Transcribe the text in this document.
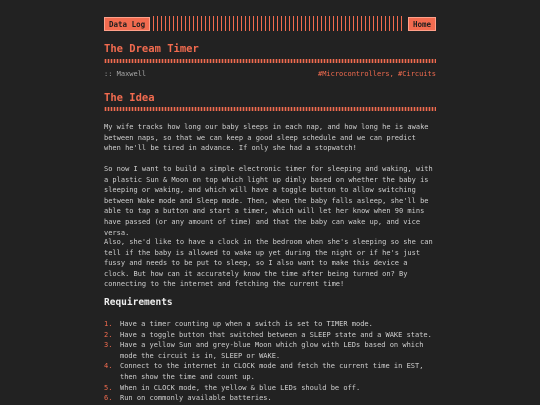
Data Log	Home
The Dream Timer
:: Maxwell	#Microcontrollers, #Circuits
The Idea

My wife tracks how long our baby sleeps in each nap, and how long he is awake between naps, so that we can keep a good sleep schedule and we can predict when he'll be tired in advance. If only she had a stopwatch!

So now I want to build a simple electronic timer for sleeping and waking, with a plastic Sun & Moon on top which light up dimly based on whether the baby is sleeping or waking, and which will have a toggle button to allow switching between Wake mode and Sleep mode. Then, when the baby falls asleep, she'll be able to tap a button and start a timer, which will let her know when 90 mins have passed (or any amount of time) and that the baby can wake up, and vice versa.

Also, she'd like to have a clock in the bedroom when she's sleeping so she can tell if the baby is allowed to wake up yet during the night or if he's just fussy and needs to be put to sleep, so I also want to make this device a clock. But how can it accurately know the time after being turned on? By connecting to the internet and fetching the current time!

Requirements
1.	Have a timer counting up when a switch is set to TIMER mode.
2.	Have a toggle button that switched between a SLEEP state and a WAKE state.
3.	Have a yellow Sun and grey-blue Moon which glow with LEDs based on which mode the circuit is in, SLEEP or WAKE.
4.	Connect to the internet in CLOCK mode and fetch the current time in EST, then show the time and count up.
5.	When in CLOCK mode, the yellow & blue LEDs should be off.
6.	Run on commonly available batteries.
